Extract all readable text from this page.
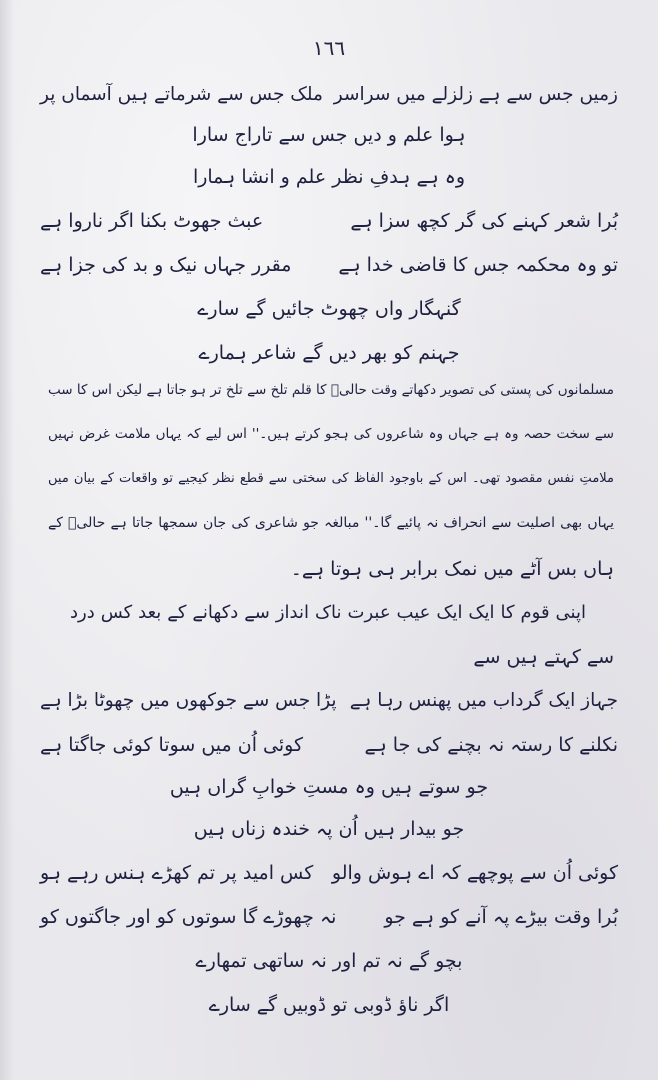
١٦٦
زمیں جس سے ہے زلزلے میں سراسر
ملک جس سے شرماتے ہیں آسماں پر
ہوا علم و دیں جس سے تاراج سارا
وہ ہے ہدفِ نظر علم و انشا ہمارا
بُرا شعر کہنے کی گر کچھ سزا ہے
عبث جھوٹ بکنا اگر ناروا ہے
تو وہ محکمہ جس کا قاضی خدا ہے
مقرر جہاں نیک و بد کی جزا ہے
گنہگار واں چھوٹ جائیں گے سارے
جہنم کو بھر دیں گے شاعر ہمارے
مسلمانوں کی پستی کی تصویر دکھاتے وقت حالیؔ کا قلم تلخ سے تلخ تر ہو جاتا ہے لیکن اس کا سب
سے سخت حصہ وہ ہے جہاں وہ شاعروں کی ہجو کرتے ہیں۔'' اس لیے کہ یہاں ملامت غرض نہیں
ملامتِ نفس مقصود تھی۔ اس کے باوجود الفاظ کی سختی سے قطع نظر کیجیے تو واقعات کے بیان میں
یہاں بھی اصلیت سے انحراف نہ پائیے گا۔'' مبالغہ جو شاعری کی جان سمجھا جاتا ہے حالیؔ کے
ہاں بس آٹے میں نمک برابر ہی ہوتا ہے۔
اپنی قوم کا ایک ایک عیب عبرت ناک انداز سے دکھانے کے بعد کس درد
سے کہتے ہیں سے
جہاز ایک گرداب میں پھنس رہا ہے
پڑا جس سے جوکھوں میں چھوٹا بڑا ہے
نکلنے کا رستہ نہ بچنے کی جا ہے
کوئی اُن میں سوتا کوئی جاگتا ہے
جو سوتے ہیں وہ مستِ خوابِ گراں ہیں
جو بیدار ہیں اُن پہ خندہ زناں ہیں
کوئی اُن سے پوچھے کہ اے ہوش والو
کس امید پر تم کھڑے ہنس رہے ہو
بُرا وقت بیڑے پہ آنے کو ہے جو
نہ چھوڑے گا سوتوں کو اور جاگتوں کو
بچو گے نہ تم اور نہ ساتھی تمھارے
اگر ناؤ ڈوبی تو ڈوبیں گے سارے
